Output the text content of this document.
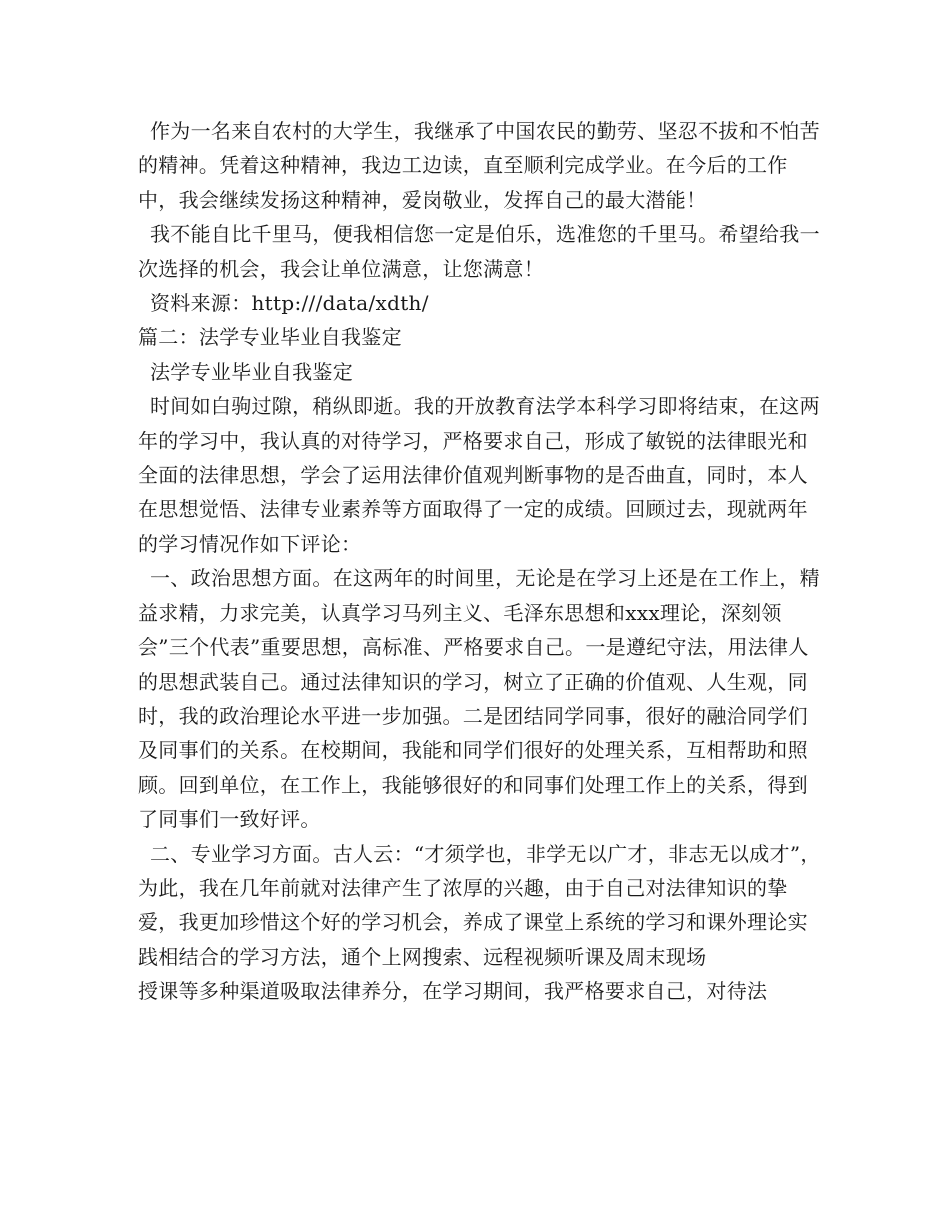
作为一名来自农村的大学生，我继承了中国农民的勤劳、坚忍不拔和不怕苦的精神。凭着这种精神，我边工边读，直至顺利完成学业。在今后的工作中，我会继续发扬这种精神，爱岗敬业，发挥自己的最大潜能！

我不能自比千里马，便我相信您一定是伯乐，选准您的千里马。希望给我一次选择的机会，我会让单位满意，让您满意！

资料来源：http:///data/xdth/

篇二：法学专业毕业自我鉴定

法学专业毕业自我鉴定

时间如白驹过隙，稍纵即逝。我的开放教育法学本科学习即将结束，在这两年的学习中，我认真的对待学习，严格要求自己，形成了敏锐的法律眼光和全面的法律思想，学会了运用法律价值观判断事物的是否曲直，同时，本人在思想觉悟、法律专业素养等方面取得了一定的成绩。回顾过去，现就两年的学习情况作如下评论：

一、政治思想方面。在这两年的时间里，无论是在学习上还是在工作上，精益求精，力求完美，认真学习马列主义、毛泽东思想和xxx理论，深刻领会”三个代表”重要思想，高标准、严格要求自己。一是遵纪守法，用法律人的思想武装自己。通过法律知识的学习，树立了正确的价值观、人生观，同时，我的政治理论水平进一步加强。二是团结同学同事，很好的融洽同学们及同事们的关系。在校期间，我能和同学们很好的处理关系，互相帮助和照顾。回到单位，在工作上，我能够很好的和同事们处理工作上的关系，得到了同事们一致好评。

二、专业学习方面。古人云：“才须学也，非学无以广才，非志无以成才”，为此，我在几年前就对法律产生了浓厚的兴趣，由于自己对法律知识的挚爱，我更加珍惜这个好的学习机会，养成了课堂上系统的学习和课外理论实践相结合的学习方法，通个上网搜索、远程视频听课及周末现场

授课等多种渠道吸取法律养分，在学习期间，我严格要求自己，对待法
